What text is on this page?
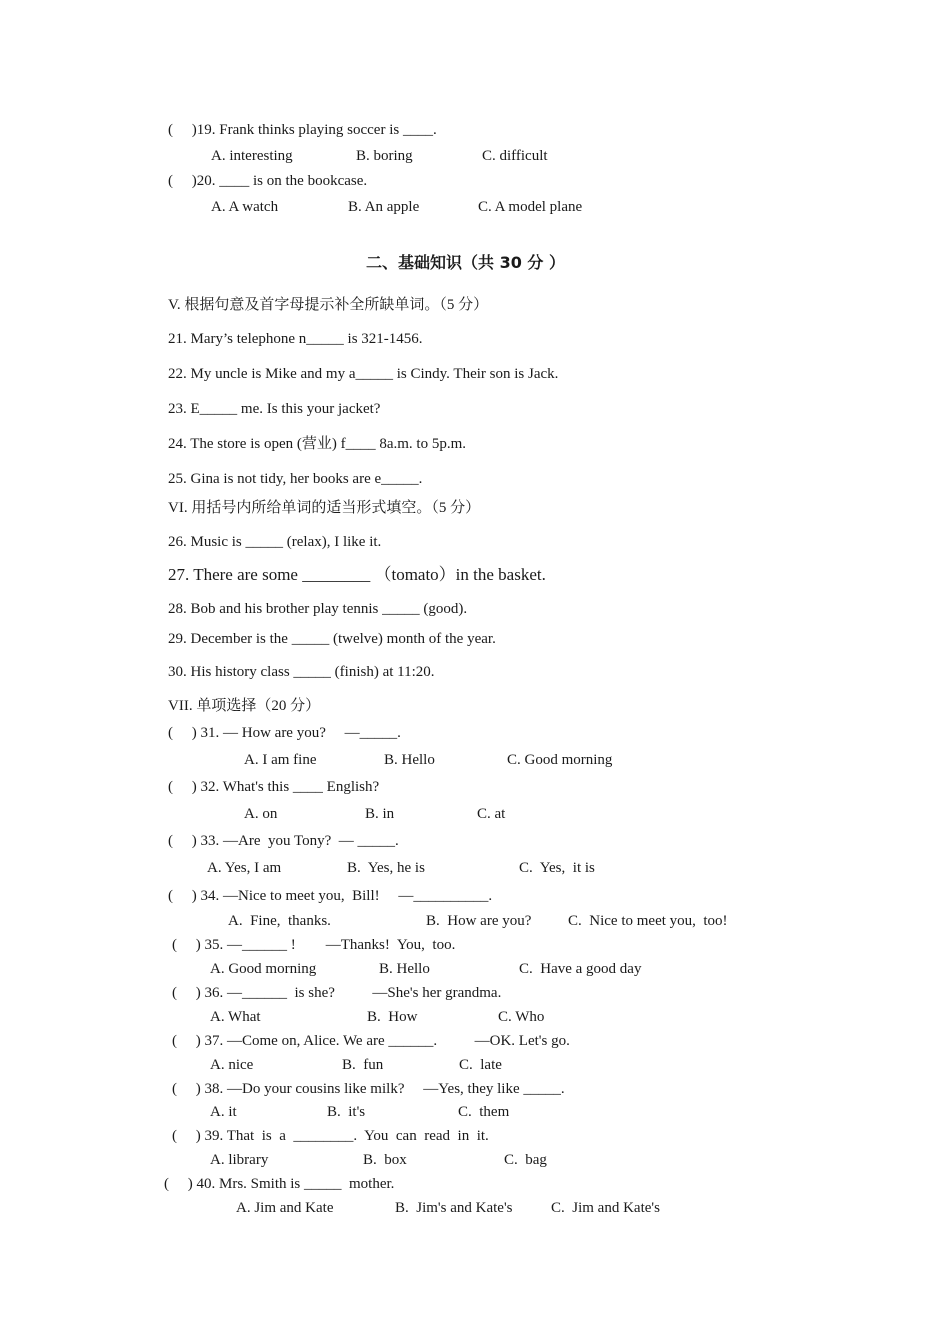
(     )19. Frank thinks playing soccer is ____.
A. interesting	B. boring	C. difficult
(     )20. ____ is on the bookcase.
A. A watch	B. An apple	C. A model plane
二、基础知识（共 30 分 ）
V. 根据句意及首字母提示补全所缺单词。（5 分）
21. Mary’s telephone n_____ is 321-1456.
22. My uncle is Mike and my a_____ is Cindy. Their son is Jack.
23. E_____ me. Is this your jacket?
24. The store is open (营业) f____ 8a.m. to 5p.m.
25. Gina is not tidy, her books are e_____.
VI. 用括号内所给单词的适当形式填空。（5 分）
26. Music is _____ (relax), I like it.
27. There are some ________ （tomato）in the basket.
28. Bob and his brother play tennis _____ (good).
29. December is the _____ (twelve) month of the year.
30. His history class _____ (finish) at 11:20.
VII. 单项选择（20 分）
(     ) 31. — How are you?     —_____.
A. I am fine	B. Hello	C. Good morning
(     ) 32. What's this ____ English?
A. on	B. in	C. at
(     ) 33. —Are  you Tony?  — _____.
A. Yes, I am	B.  Yes, he is	C.  Yes,  it is
(     ) 34. —Nice to meet you,  Bill!     —__________.
A.  Fine,  thanks.	B.  How are you? C.  Nice to meet you,  too!
(     ) 35. —______ !        —Thanks!  You,  too.
A. Good morning	B. Hello	C.  Have a good day
(     ) 36. —______  is she?          —She's her grandma.
A. What	B.  How	C. Who
(     ) 37. —Come on, Alice. We are ______.          —OK. Let's go.
A. nice	B.  fun	C.  late
(     ) 38. —Do your cousins like milk?     —Yes, they like _____.
A. it	B.  it's	C.  them
(     ) 39. That  is  a  ________.  You  can  read  in  it.
A. library	B.  box	C.  bag
(     ) 40. Mrs. Smith is _____  mother.
A. Jim and Kate	B.  Jim's and Kate's	C.  Jim and Kate's
